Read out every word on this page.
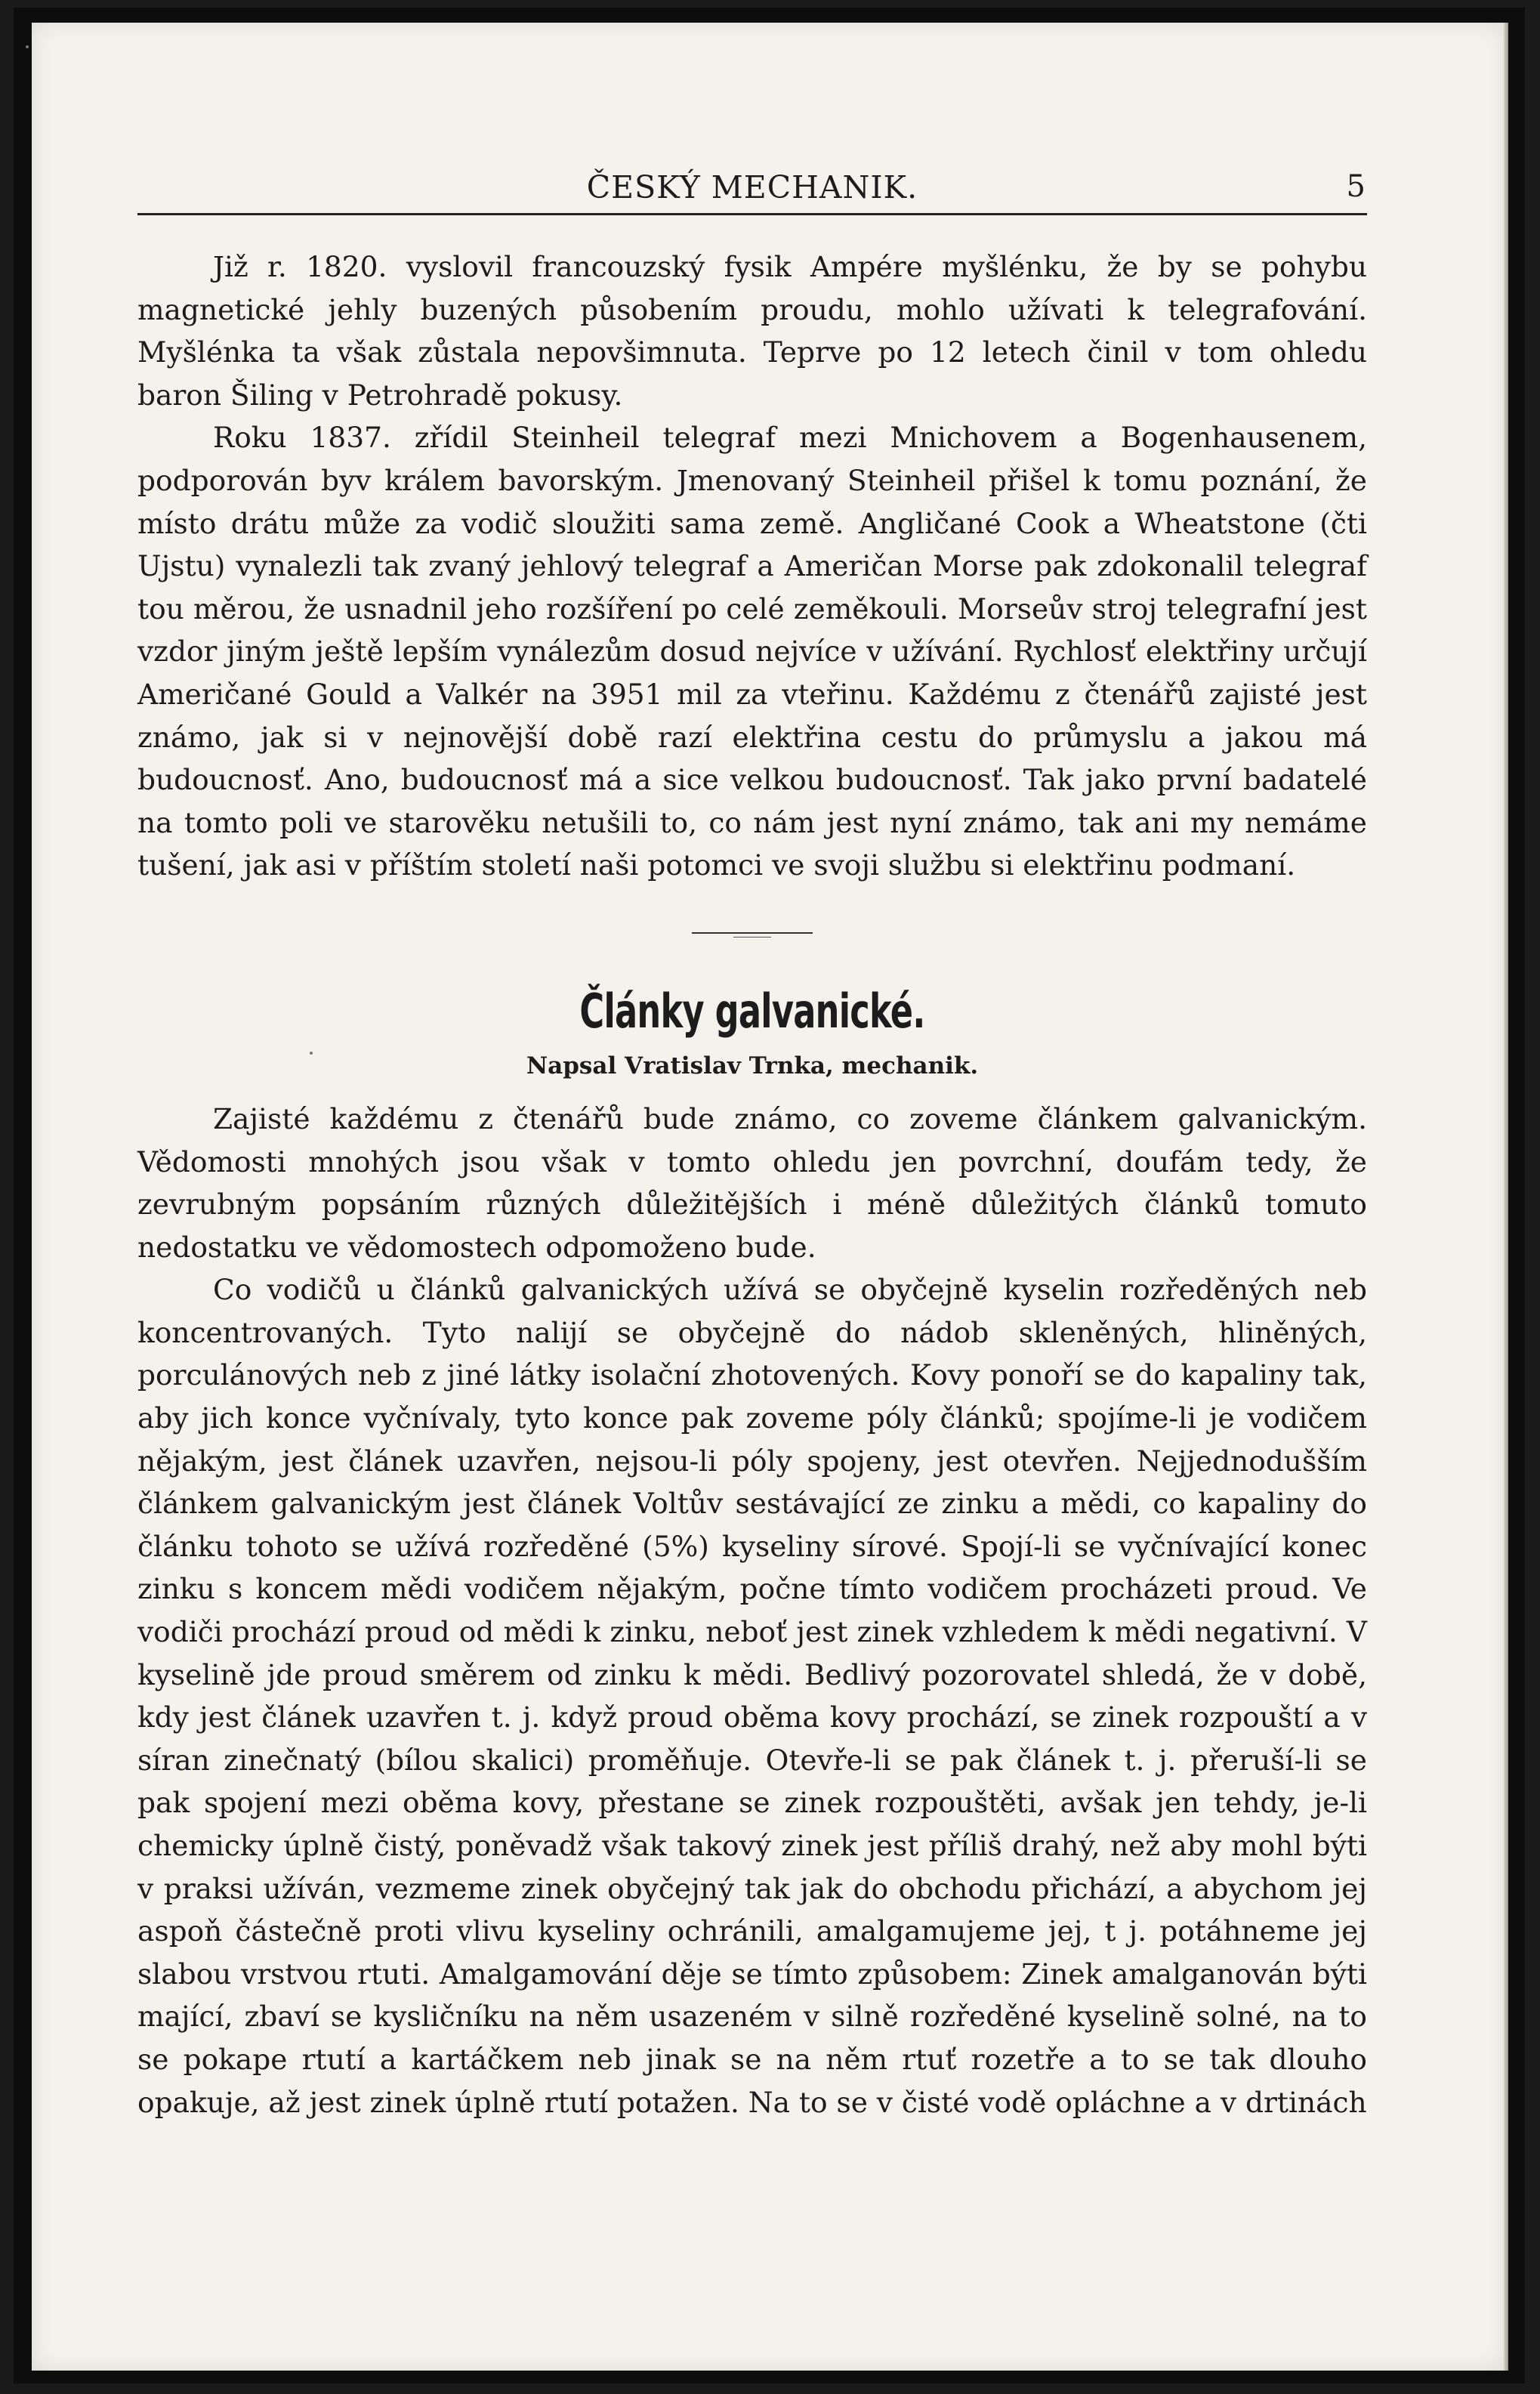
ČESKÝ MECHANIK.	5

Již r. 1820. vyslovil francouzský fysik Ampére myšlénku, že by se pohybu magnetické jehly buzených působením proudu, mohlo užívati k telegrafování. Myšlénka ta však zůstala nepovšimnuta. Teprve po 12 letech činil v tom ohledu baron Šiling v Petrohradě pokusy.

Roku 1837. zřídil Steinheil telegraf mezi Mnichovem a Bogenhausenem, podporován byv králem bavorským. Jmenovaný Steinheil přišel k tomu poznání, že místo drátu může za vodič sloužiti sama země. Angličané Cook a Wheatstone (čti Ujstu) vynalezli tak zvaný jehlový telegraf a Američan Morse pak zdokonalil telegraf tou měrou, že usnadnil jeho rozšíření po celé zeměkouli. Morseův stroj telegrafní jest vzdor jiným ještě lepším vynálezům dosud nejvíce v užívání. Rychlosť elektřiny určují Američané Gould a Valkér na 3951 mil za vteřinu. Každému z čtenářů zajisté jest známo, jak si v nejnovější době razí elektřina cestu do průmyslu a jakou má budoucnosť. Ano, budoucnosť má a sice velkou budoucnosť. Tak jako první badatelé na tomto poli ve starověku netušili to, co nám jest nyní známo, tak ani my nemáme tušení, jak asi v příštím století naši potomci ve svoji službu si elektřinu podmaní.

Články galvanické.
Napsal Vratislav Trnka, mechanik.

Zajisté každému z čtenářů bude známo, co zoveme článkem galvanickým. Vědomosti mnohých jsou však v tomto ohledu jen povrchní, doufám tedy, že zevrubným popsáním různých důležitějších i méně důležitých článků tomuto nedostatku ve vědomostech odpomoženo bude.

Co vodičů u článků galvanických užívá se obyčejně kyselin rozředěných neb koncentrovaných. Tyto nalijí se obyčejně do nádob skleněných, hliněných, porculánových neb z jiné látky isolační zhotovených. Kovy ponoří se do kapaliny tak, aby jich konce vyčnívaly, tyto konce pak zoveme póly článků; spojíme-li je vodičem nějakým, jest článek uzavřen, nejsou-li póly spojeny, jest otevřen. Nejjednodušším článkem galvanickým jest článek Voltův sestávající ze zinku a mědi, co kapaliny do článku tohoto se užívá rozředěné (5%) kyseliny sírové. Spojí-li se vyčnívající konec zinku s koncem mědi vodičem nějakým, počne tímto vodičem procházeti proud. Ve vodiči prochází proud od mědi k zinku, neboť jest zinek vzhledem k mědi negativní. V kyselině jde proud směrem od zinku k mědi. Bedlivý pozorovatel shledá, že v době, kdy jest článek uzavřen t. j. když proud oběma kovy prochází, se zinek rozpouští a v síran zinečnatý (bílou skalici) proměňuje. Otevře-li se pak článek t. j. přeruší-li se pak spojení mezi oběma kovy, přestane se zinek rozpouštěti, avšak jen tehdy, je-li chemicky úplně čistý, poněvadž však takový zinek jest příliš drahý, než aby mohl býti v praksi užíván, vezmeme zinek obyčejný tak jak do obchodu přichází, a abychom jej aspoň částečně proti vlivu kyseliny ochránili, amalgamujeme jej, t j. potáhneme jej slabou vrstvou rtuti. Amalgamování děje se tímto způsobem: Zinek amalganován býti mající, zbaví se kysličníku na něm usazeném v silně rozředěné kyselině solné, na to se pokape rtutí a kartáčkem neb jinak se na něm rtuť rozetře a to se tak dlouho opakuje, až jest zinek úplně rtutí potažen. Na to se v čisté vodě opláchne a v drtinách
